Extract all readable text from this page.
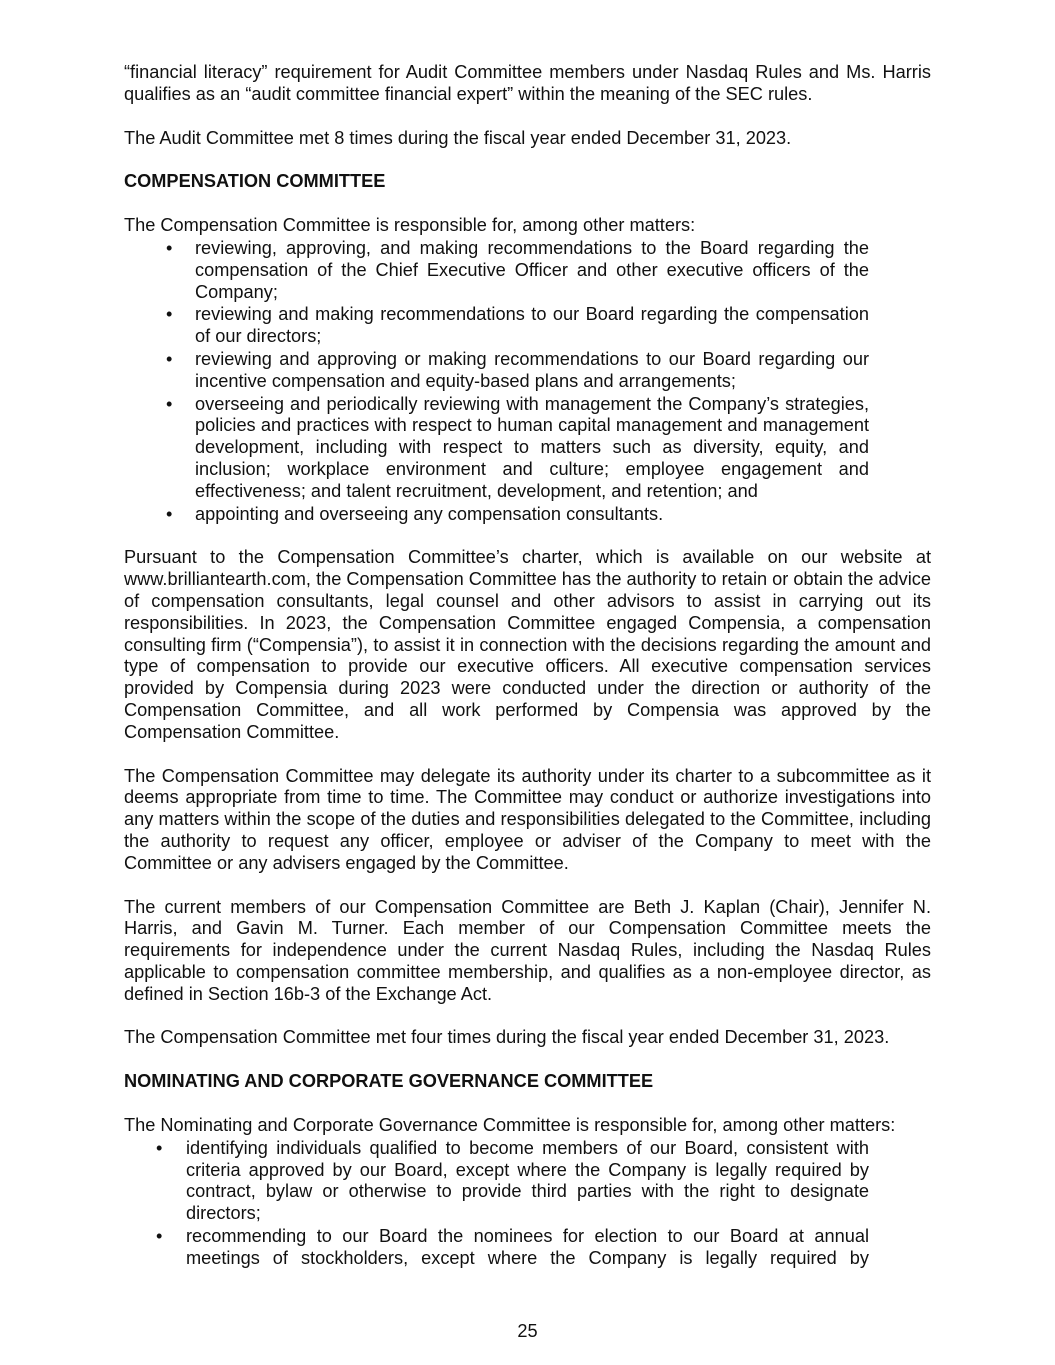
“financial literacy” requirement for Audit Committee members under Nasdaq Rules and Ms. Harris qualifies as an “audit committee financial expert” within the meaning of the SEC rules.

The Audit Committee met 8 times during the fiscal year ended December 31, 2023.

COMPENSATION COMMITTEE

The Compensation Committee is responsible for, among other matters:

• reviewing, approving, and making recommendations to the Board regarding the compensation of the Chief Executive Officer and other executive officers of the Company;
• reviewing and making recommendations to our Board regarding the compensation of our directors;
• reviewing and approving or making recommendations to our Board regarding our incentive compensation and equity-based plans and arrangements;
• overseeing and periodically reviewing with management the Company’s strategies, policies and practices with respect to human capital management and management development, including with respect to matters such as diversity, equity, and inclusion; workplace environment and culture; employee engagement and effectiveness; and talent recruitment, development, and retention; and
• appointing and overseeing any compensation consultants.

Pursuant to the Compensation Committee’s charter, which is available on our website at www.brilliantearth.com, the Compensation Committee has the authority to retain or obtain the advice of compensation consultants, legal counsel and other advisors to assist in carrying out its responsibilities. In 2023, the Compensation Committee engaged Compensia, a compensation consulting firm (“Compensia”), to assist it in connection with the decisions regarding the amount and type of compensation to provide our executive officers. All executive compensation services provided by Compensia during 2023 were conducted under the direction or authority of the Compensation Committee, and all work performed by Compensia was approved by the Compensation Committee.

The Compensation Committee may delegate its authority under its charter to a subcommittee as it deems appropriate from time to time. The Committee may conduct or authorize investigations into any matters within the scope of the duties and responsibilities delegated to the Committee, including the authority to request any officer, employee or adviser of the Company to meet with the Committee or any advisers engaged by the Committee.

The current members of our Compensation Committee are Beth J. Kaplan (Chair), Jennifer N. Harris, and Gavin M. Turner. Each member of our Compensation Committee meets the requirements for independence under the current Nasdaq Rules, including the Nasdaq Rules applicable to compensation committee membership, and qualifies as a non-employee director, as defined in Section 16b-3 of the Exchange Act.

The Compensation Committee met four times during the fiscal year ended December 31, 2023.

NOMINATING AND CORPORATE GOVERNANCE COMMITTEE

The Nominating and Corporate Governance Committee is responsible for, among other matters:

• identifying individuals qualified to become members of our Board, consistent with criteria approved by our Board, except where the Company is legally required by contract, bylaw or otherwise to provide third parties with the right to designate directors;
• recommending to our Board the nominees for election to our Board at annual meetings of stockholders, except where the Company is legally required by
25
